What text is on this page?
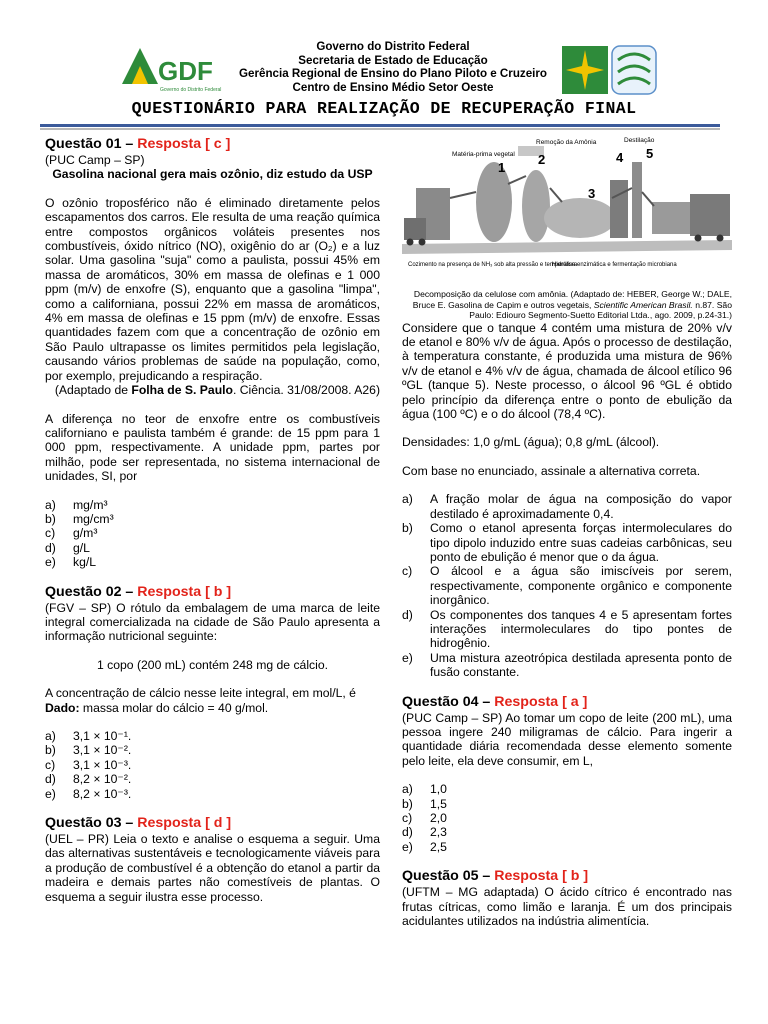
GDF
Governo do Distrito Federal
Governo do Distrito Federal
Secretaria de Estado de Educação
Gerência Regional de Ensino do Plano Piloto e Cruzeiro
Centro de Ensino Médio Setor Oeste
QUESTIONÁRIO PARA REALIZAÇÃO DE RECUPERAÇÃO FINAL

Questão 01 – Resposta [ c ]

(PUC Camp – SP)

Gasolina nacional gera mais ozônio, diz estudo da USP

O ozônio troposférico não é eliminado diretamente pelos escapamentos dos carros. Ele resulta de uma reação química entre compostos orgânicos voláteis presentes nos combustíveis, óxido nítrico (NO), oxigênio do ar (O₂) e a luz solar. Uma gasolina "suja" como a paulista, possui 45% em massa de aromáticos, 30% em massa de olefinas e 1 000 ppm (m/v) de enxofre (S), enquanto que a gasolina "limpa", como a californiana, possui 22% em massa de aromáticos, 4% em massa de olefinas e 15 ppm (m/v) de enxofre. Essas quantidades fazem com que a concentração de ozônio em São Paulo ultrapasse os limites permitidos pela legislação, causando vários problemas de saúde na população, como, por exemplo, prejudicando a respiração.

(Adaptado de Folha de S. Paulo. Ciência. 31/08/2008. A26)

A diferença no teor de enxofre entre os combustíveis californiano e paulista também é grande: de 15 ppm para 1 000 ppm, respectivamente. A unidade ppm, partes por milhão, pode ser representada, no sistema internacional de unidades, SI, por

a)	mg/m³
b)	mg/cm³
c)	g/m³
d)	g/L
e)	kg/L

Questão 02 – Resposta [ b ]

(FGV – SP) O rótulo da embalagem de uma marca de leite integral comercializada na cidade de São Paulo apresenta a informação nutricional seguinte:

1 copo (200 mL) contém 248 mg de cálcio.

A concentração de cálcio nesse leite integral, em mol/L, é

Dado: massa molar do cálcio = 40 g/mol.

a)	3,1 × 10⁻¹.
b)	3,1 × 10⁻².
c)	3,1 × 10⁻³.
d)	8,2 × 10⁻².
e)	8,2 × 10⁻³.

Questão 03 – Resposta [ d ]

(UEL – PR) Leia o texto e analise o esquema a seguir. Uma das alternativas sustentáveis e tecnologicamente viáveis para a produção de combustível é a obtenção do etanol a partir da madeira e demais partes não comestíveis de plantas. O esquema a seguir ilustra esse processo.

Matéria-prima vegetal
Remoção da Amônia	Destilação
Cozimento na presença de NH₃ sob alta pressão e temperatura
Hidrólise enzimática e fermentação microbiana
1
2
3
4 5

Decomposição da celulose com amônia. (Adaptado de: HEBER, George W.; DALE, Bruce E. Gasolina de Capim e outros vegetais, Scientific American Brasil. n.87. São Paulo: Ediouro Segmento-Suetto Editorial Ltda., ago. 2009, p.24-31.)

Considere que o tanque 4 contém uma mistura de 20% v/v de etanol e 80% v/v de água. Após o processo de destilação, à temperatura constante, é produzida uma mistura de 96% v/v de etanol e 4% v/v de água, chamada de álcool etílico 96 ºGL (tanque 5). Neste processo, o álcool 96 ºGL é obtido pelo princípio da diferença entre o ponto de ebulição da água (100 ºC) e o do álcool (78,4 ºC).

Densidades: 1,0 g/mL (água); 0,8 g/mL (álcool).

Com base no enunciado, assinale a alternativa correta.

a)	A fração molar de água na composição do vapor destilado é aproximadamente 0,4.
b)	Como o etanol apresenta forças intermoleculares do tipo dipolo induzido entre suas cadeias carbônicas, seu ponto de ebulição é menor que o da água.
c)	O álcool e a água são imiscíveis por serem, respectivamente, componente orgânico e componente inorgânico.
d)	Os componentes dos tanques 4 e 5 apresentam fortes interações intermoleculares do tipo pontes de hidrogênio.
e)	Uma mistura azeotrópica destilada apresenta ponto de fusão constante.

Questão 04 – Resposta [ a ]

(PUC Camp – SP) Ao tomar um copo de leite (200 mL), uma pessoa ingere 240 miligramas de cálcio. Para ingerir a quantidade diária recomendada desse elemento somente pelo leite, ela deve consumir, em L,

a)	1,0
b)	1,5
c)	2,0
d)	2,3
e)	2,5

Questão 05 – Resposta [ b ]

(UFTM – MG adaptada) O ácido cítrico é encontrado nas frutas cítricas, como limão e laranja. É um dos principais acidulantes utilizados na indústria alimentícia.
